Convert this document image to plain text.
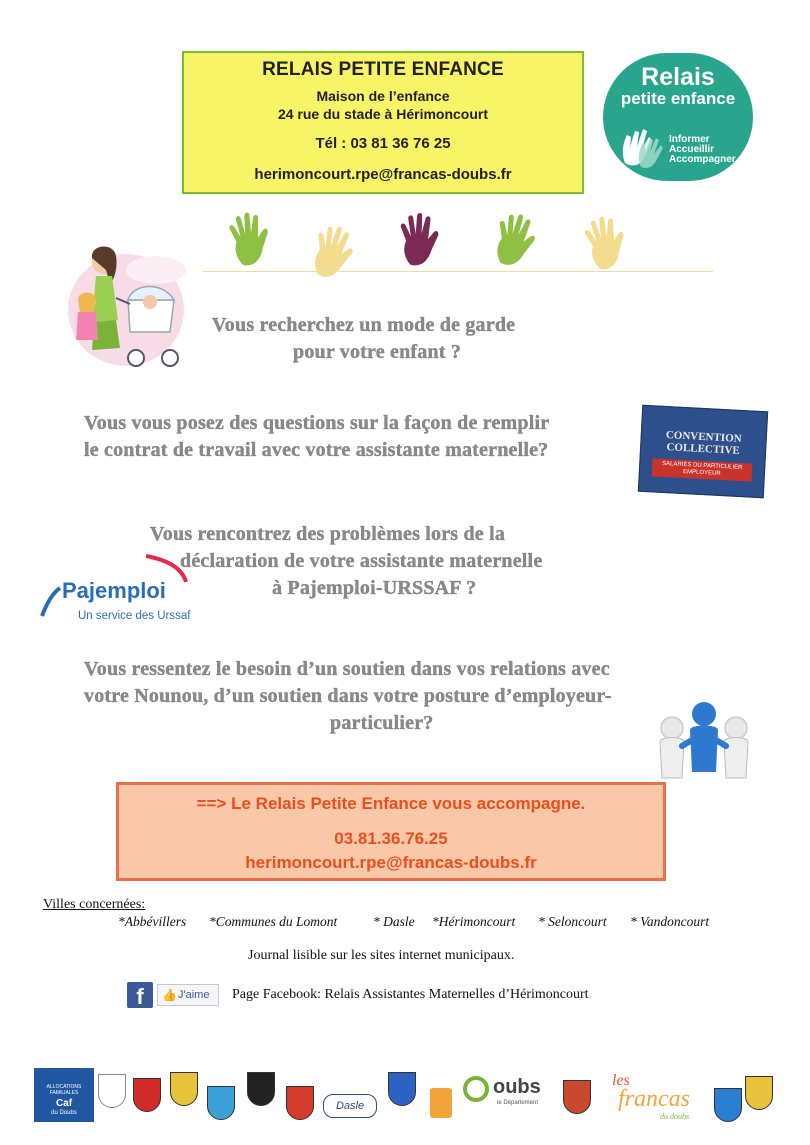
RELAIS PETITE ENFANCE
Maison de l’enfance
24 rue du stade à Hérimoncourt
Tél : 03 81 36 76 25
herimoncourt.rpe@francas-doubs.fr
Relais
petite enfance
Informer
Accueillir
Accompagner
Vous recherchez un mode de garde
pour votre enfant ?
Vous vous posez des questions sur la façon de remplir
le contrat de travail avec votre assistante maternelle?
CONVENTION
COLLECTIVE
SALARIÉS DU PARTICULIER
EMPLOYEUR
Vous rencontrez des problèmes lors de la
déclaration de votre assistante maternelle
à Pajemploi-URSSAF ?
Pajemploi
Un service des Urssaf
Vous ressentez le besoin d’un soutien dans vos relations avec
votre Nounou, d’un soutien dans votre posture d’employeur-
particulier?
==> Le Relais Petite Enfance vous accompagne.
03.81.36.76.25
herimoncourt.rpe@francas-doubs.fr
Villes concernées:
*Abbévillers *Communes du Lomont	* Dasle *Hérimoncourt * Seloncourt * Vandoncourt
Journal lisible sur les sites internet municipaux.
f	👍 J'aime	Page Facebook: Relais Assistantes Maternelles d’Hérimoncourt
ALLOCATIONS FAMILIALES
Caf
du Doubs
Dasle
oubs
le Département
les
francas
du doubs
